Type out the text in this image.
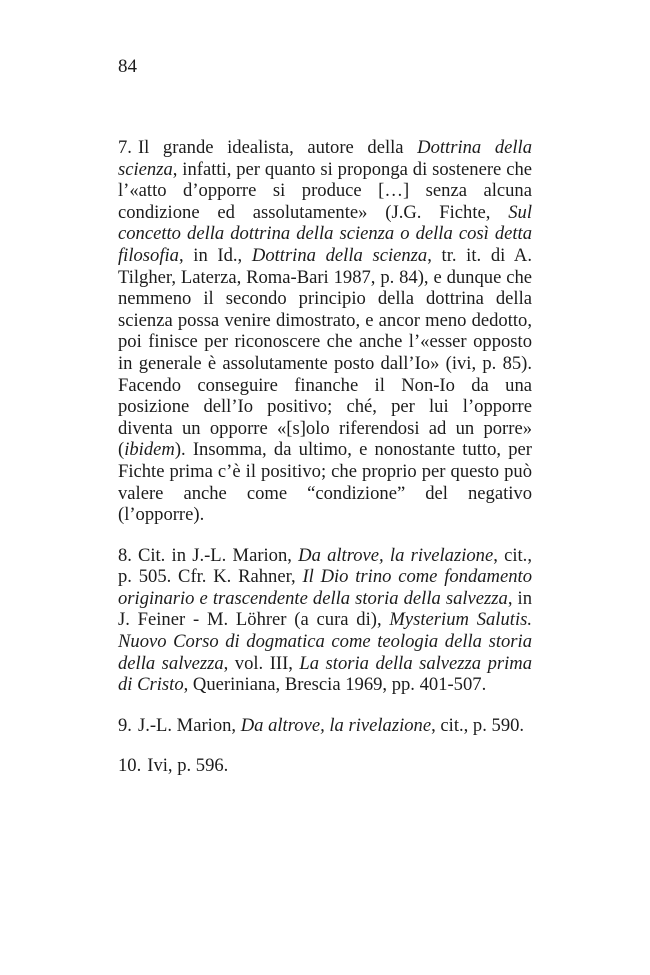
84

7. Il grande idealista, autore della Dottrina della scienza, infatti, per quanto si proponga di sostenere che l’«atto d’opporre si produce […] senza alcuna condizione ed assolutamente» (J.G. Fichte, Sul concetto della dottrina della scienza o della così detta filosofia, in Id., Dottrina della scienza, tr. it. di A. Tilgher, Laterza, Roma-Bari 1987, p. 84), e dunque che nemmeno il secondo principio della dottrina della scienza possa venire dimostrato, e ancor meno dedotto, poi finisce per riconoscere che anche l’«esser opposto in generale è assolutamente posto dall’Io» (ivi, p. 85). Facendo conseguire finanche il Non-Io da una posizione dell’Io positivo; ché, per lui l’opporre diventa un opporre «[s]olo riferendosi ad un porre» (ibidem). Insomma, da ultimo, e nonostante tutto, per Fichte prima c’è il positivo; che proprio per questo può valere anche come “condizione” del negativo (l’opporre).

8. Cit. in J.-L. Marion, Da altrove, la rivelazione, cit., p. 505. Cfr. K. Rahner, Il Dio trino come fondamento originario e trascendente della storia della salvezza, in J. Feiner - M. Löhrer (a cura di), Mysterium Salutis. Nuovo Corso di dogmatica come teologia della storia della salvezza, vol. III, La storia della salvezza prima di Cristo, Queriniana, Brescia 1969, pp. 401-507.

9. J.-L. Marion, Da altrove, la rivelazione, cit., p. 590.

10. Ivi, p. 596.
